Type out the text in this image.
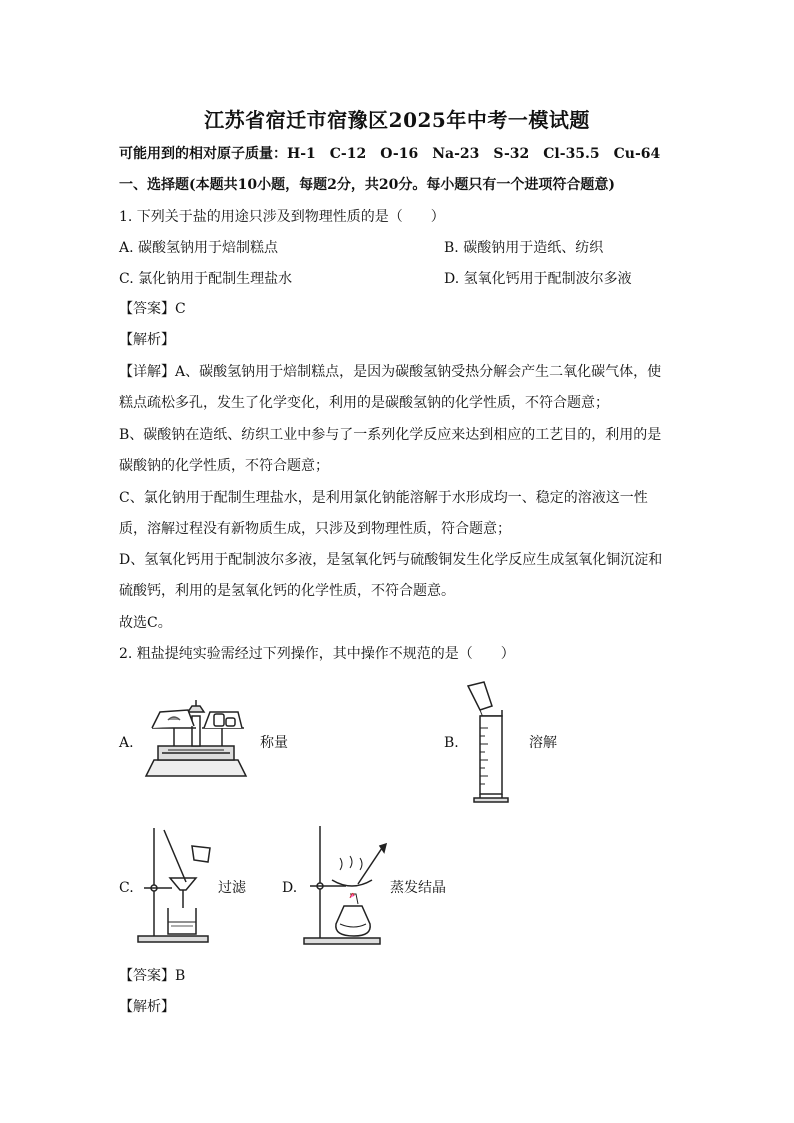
江苏省宿迁市宿豫区2025年中考一模试题
可能用到的相对原子质量：H-1　C-12　O-16　Na-23　S-32　Cl-35.5　Cu-64
一、选择题(本题共10小题，每题2分，共20分。每小题只有一个进项符合题意)
1. 下列关于盐的用途只涉及到物理性质的是（　　）
A. 碳酸氢钠用于焙制糕点	B. 碳酸钠用于造纸、纺织
C. 氯化钠用于配制生理盐水	D. 氢氧化钙用于配制波尔多液
【答案】C
【解析】
【详解】A、碳酸氢钠用于焙制糕点，是因为碳酸氢钠受热分解会产生二氧化碳气体，使
糕点疏松多孔，发生了化学变化，利用的是碳酸氢钠的化学性质，不符合题意；
B、碳酸钠在造纸、纺织工业中参与了一系列化学反应来达到相应的工艺目的，利用的是
碳酸钠的化学性质，不符合题意；
C、氯化钠用于配制生理盐水，是利用氯化钠能溶解于水形成均一、稳定的溶液这一性
质，溶解过程没有新物质生成，只涉及到物理性质，符合题意；
D、氢氧化钙用于配制波尔多液，是氢氧化钙与硫酸铜发生化学反应生成氢氧化铜沉淀和
硫酸钙，利用的是氢氧化钙的化学性质，不符合题意。
故选C。
2. 粗盐提纯实验需经过下列操作，其中操作不规范的是（　　）
A.	称量	B.	溶解
C.	过滤	D.	蒸发结晶
【答案】B
【解析】
